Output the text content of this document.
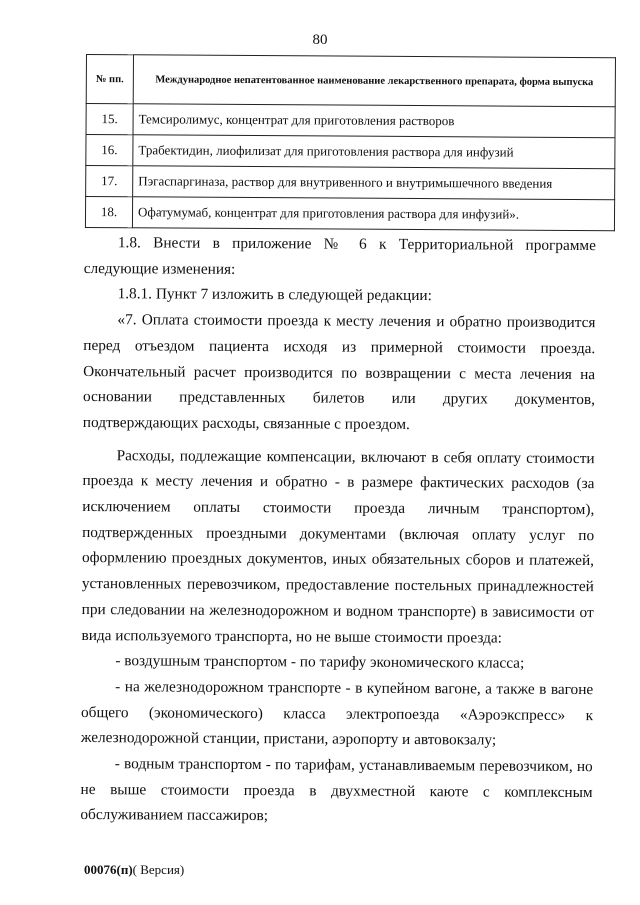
80
№ пп.	Международное непатентованное наименование лекарственного препарата, форма выпуска
15.	Темсиролимус, концентрат для приготовления растворов
16.	Трабектидин, лиофилизат для приготовления раствора для инфузий
17.	Пэгаспаргиназа, раствор для внутривенного и внутримышечного введения
18.	Офатумумаб, концентрат для приготовления раствора для инфузий».

1.8. Внести в приложение № 6 к Территориальной программе следующие изменения:

1.8.1. Пункт 7 изложить в следующей редакции:

«7. Оплата стоимости проезда к месту лечения и обратно производится перед отъездом пациента исходя из примерной стоимости проезда. Окончательный расчет производится по возвращении с места лечения на основании представленных билетов или других документов, подтверждающих расходы, связанные с проездом.

Расходы, подлежащие компенсации, включают в себя оплату стоимости проезда к месту лечения и обратно - в размере фактических расходов (за исключением оплаты стоимости проезда личным транспортом), подтвержденных проездными документами (включая оплату услуг по оформлению проездных документов, иных обязательных сборов и платежей, установленных перевозчиком, предоставление постельных принадлежностей при следовании на железнодорожном и водном транспорте) в зависимости от вида используемого транспорта, но не выше стоимости проезда:

- воздушным транспортом - по тарифу экономического класса;

- на железнодорожном транспорте - в купейном вагоне, а также в вагоне общего (экономического) класса электропоезда «Аэроэкспресс» к железнодорожной станции, пристани, аэропорту и автовокзалу;

- водным транспортом - по тарифам, устанавливаемым перевозчиком, но не выше стоимости проезда в двухместной каюте с комплексным обслуживанием пассажиров;

00076(п)( Версия)
